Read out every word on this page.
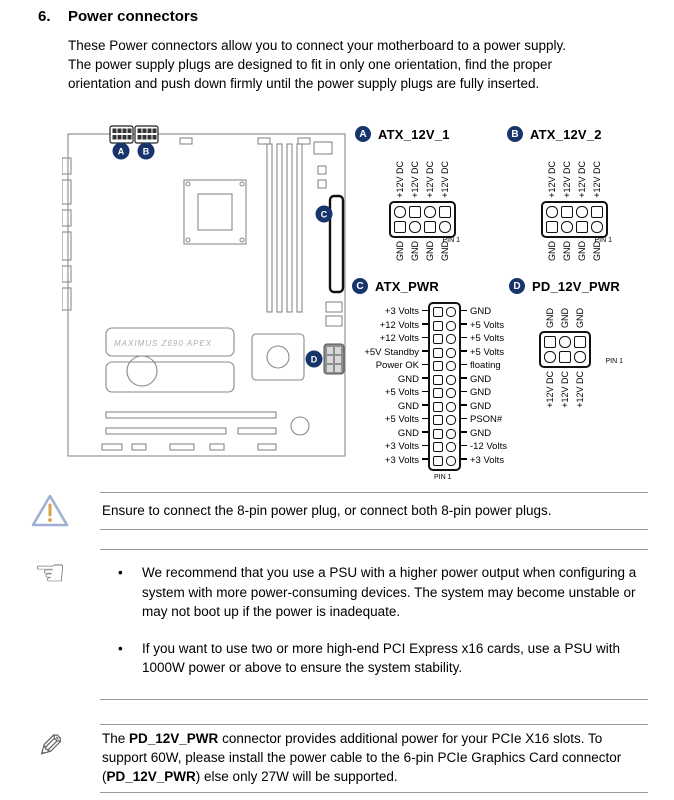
6.	Power connectors
These Power connectors allow you to connect your motherboard to a power supply.
The power supply plugs are designed to fit in only one orientation, find the proper
orientation and push down firmly until the power supply plugs are fully inserted.
MAXIMUS Z690 APEX
A B
C
D
A ATX_12V_1
+12V DC +12V DC +12V DC +12V DC
PIN 1
GND GND GND GND
B ATX_12V_2
+12V DC +12V DC +12V DC +12V DC
PIN 1
GND GND GND GND
C ATX_PWR
+3 Volts
+12 Volts
+12 Volts
+5V Standby
Power OK
GND
+5 Volts
GND
+5 Volts
GND
+3 Volts
+3 Volts
GND
+5 Volts
+5 Volts
+5 Volts
floating
GND
GND
GND
PSON#
GND
-12 Volts
+3 Volts
PIN 1
D PD_12V_PWR
GND GND GND
PIN 1
+12V DC +12V DC +12V DC
Ensure to connect the 8-pin power plug, or connect both 8-pin power plugs.
☜	• We recommend that you use a PSU with a higher power output when configuring a system with more power-consuming devices. The system may become unstable or may not boot up if the power is inadequate.
• If you want to use two or more high-end PCI Express x16 cards, use a PSU with 1000W power or above to ensure the system stability.
✎	The PD_12V_PWR connector provides additional power for your PCIe X16 slots. To support 60W, please install the power cable to the 6-pin PCIe Graphics Card connector (PD_12V_PWR) else only 27W will be supported.
